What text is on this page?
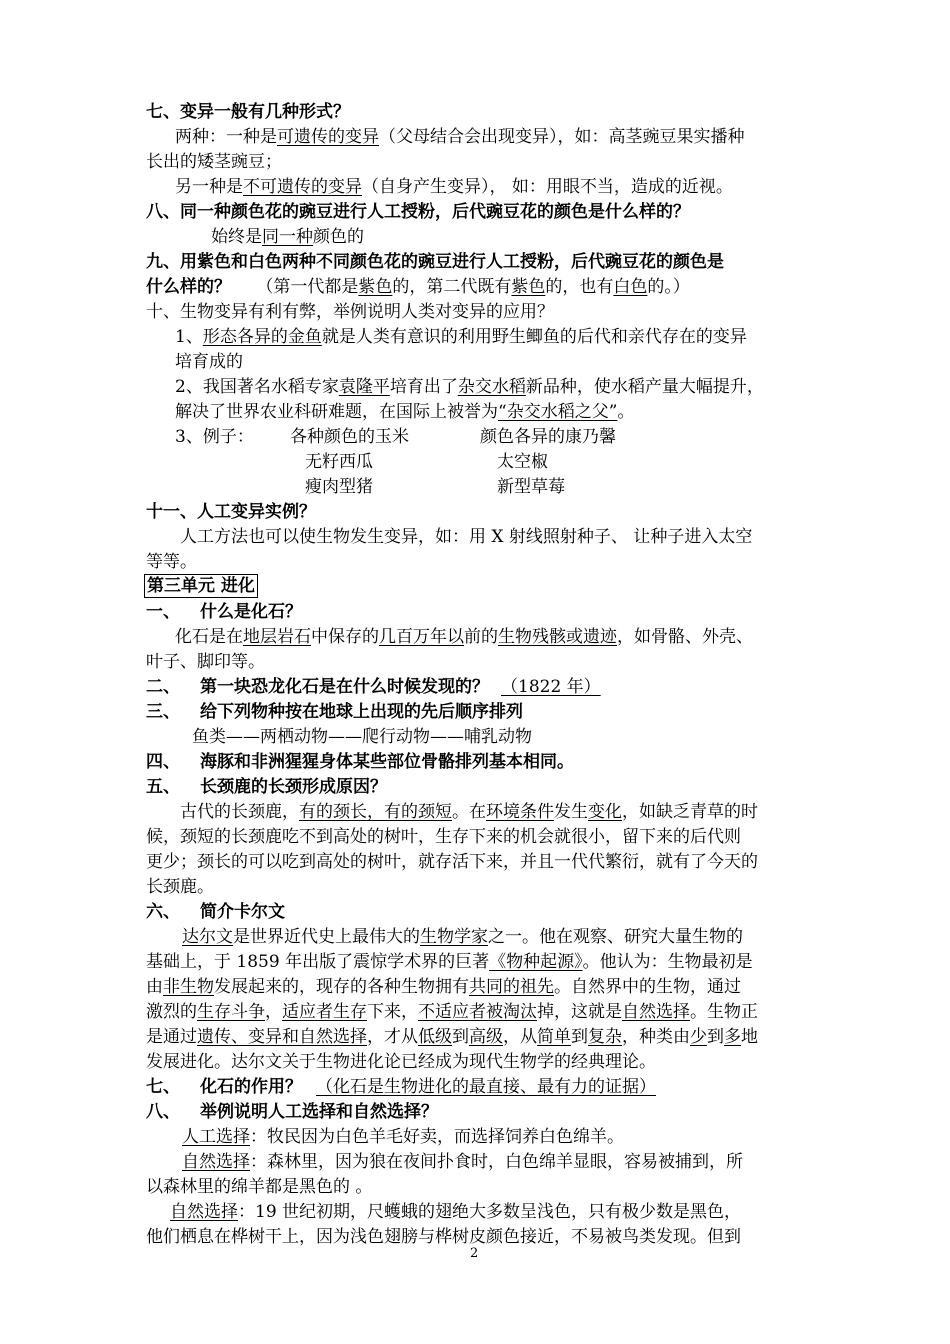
七、变异一般有几种形式？
两种：一种是可遗传的变异（父母结合会出现变异），如：高茎豌豆果实播种
长出的矮茎豌豆；
另一种是不可遗传的变异（自身产生变异）， 如：用眼不当，造成的近视。
八、同一种颜色花的豌豆进行人工授粉，后代豌豆花的颜色是什么样的？
始终是同一种颜色的
九、用紫色和白色两种不同颜色花的豌豆进行人工授粉，后代豌豆花的颜色是
什么样的？ （第一代都是紫色的，第二代既有紫色的，也有白色的。）
十、生物变异有利有弊，举例说明人类对变异的应用？
1、形态各异的金鱼就是人类有意识的利用野生鲫鱼的后代和亲代存在的变异
培育成的
2、我国著名水稻专家袁隆平培育出了杂交水稻新品种，使水稻产量大幅提升，
解决了世界农业科研难题，在国际上被誉为“杂交水稻之父”。
3、例子： 各种颜色的玉米	颜色各异的康乃馨
无籽西瓜	太空椒
瘦肉型猪	新型草莓
十一、人工变异实例？
人工方法也可以使生物发生变异，如：用 X 射线照射种子、 让种子进入太空
等等。
第三单元 进化
一、 什么是化石？
化石是在地层岩石中保存的几百万年以前的生物残骸或遗迹，如骨骼、外壳、
叶子、脚印等。
二、 第一块恐龙化石是在什么时候发现的？ （1822 年）
三、 给下列物种按在地球上出现的先后顺序排列
鱼类——两栖动物——爬行动物——哺乳动物
四、 海豚和非洲猩猩身体某些部位骨骼排列基本相同。
五、 长颈鹿的长颈形成原因？
古代的长颈鹿，有的颈长，有的颈短。在环境条件发生变化，如缺乏青草的时
候，颈短的长颈鹿吃不到高处的树叶，生存下来的机会就很小，留下来的后代则
更少；颈长的可以吃到高处的树叶，就存活下来，并且一代代繁衍，就有了今天的
长颈鹿。
六、 简介卡尔文
达尔文是世界近代史上最伟大的生物学家之一。他在观察、研究大量生物的
基础上，于 1859 年出版了震惊学术界的巨著《物种起源》。他认为：生物最初是
由非生物发展起来的，现存的各种生物拥有共同的祖先。自然界中的生物，通过
激烈的生存斗争，适应者生存下来，不适应者被淘汰掉，这就是自然选择。生物正
是通过遗传、变异和自然选择，才从低级到高级，从简单到复杂，种类由少到多地
发展进化。达尔文关于生物进化论已经成为现代生物学的经典理论。
七、 化石的作用？ （化石是生物进化的最直接、最有力的证据）
八、 举例说明人工选择和自然选择？
人工选择：牧民因为白色羊毛好卖，而选择饲养白色绵羊。
自然选择：森林里，因为狼在夜间扑食时，白色绵羊显眼，容易被捕到，所
以森林里的绵羊都是黑色的 。
自然选择：19 世纪初期，尺蠖蛾的翅绝大多数呈浅色，只有极少数是黑色，
他们栖息在桦树干上，因为浅色翅膀与桦树皮颜色接近，不易被鸟类发现。但到
2
